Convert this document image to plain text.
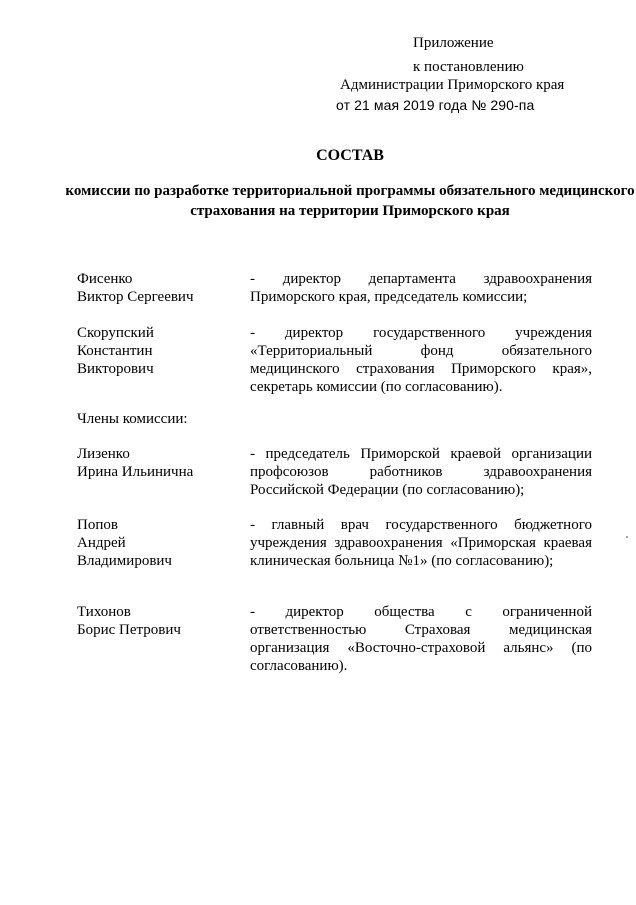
Приложение
к постановлению
Администрации Приморского края
от 21 мая 2019 года № 290-па
СОСТАВ
комиссии по разработке территориальной программы обязательного медицинского страхования на территории Приморского края
Фисенко
Виктор Сергеевич
- директор департамента здравоохранения Приморского края, председатель комиссии;
Скорупский
Константин
Викторович
- директор государственного учреждения «Территориальный фонд обязательного медицинского страхования Приморского края», секретарь комиссии (по согласованию).
Члены комиссии:
Лизенко
Ирина Ильинична
- председатель Приморской краевой организации профсоюзов работников здравоохранения Российской Федерации (по согласованию);
Попов
Андрей
Владимирович
- главный врач государственного бюджетного учреждения здравоохранения «Приморская краевая клиническая больница №1» (по согласованию);
Тихонов
Борис Петрович
- директор общества с ограниченной ответственностью Страховая медицинская организация «Восточно-страховой альянс» (по согласованию).
